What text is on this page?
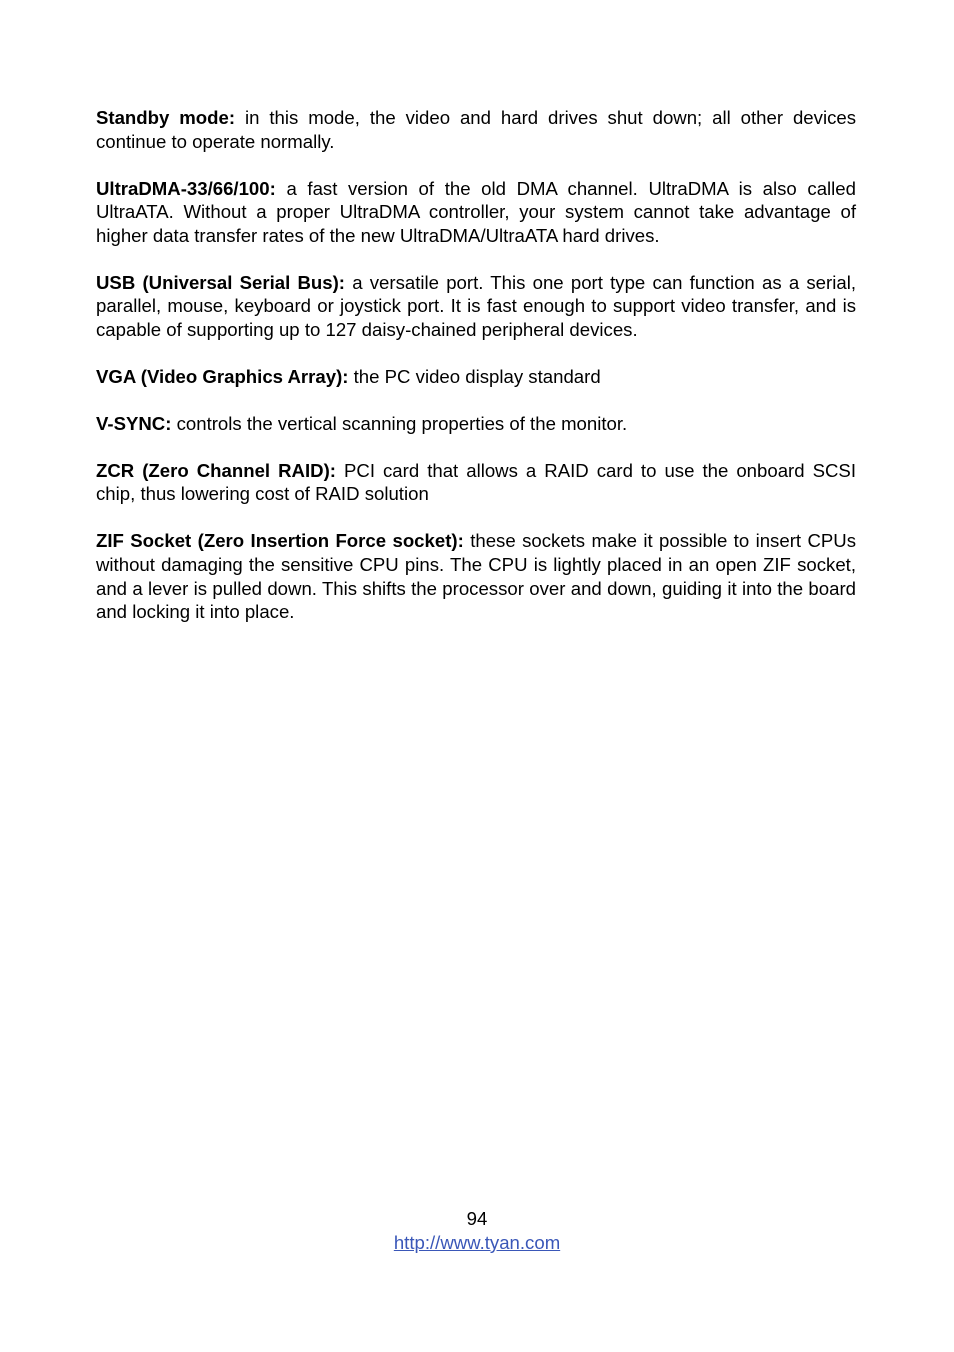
Standby mode: in this mode, the video and hard drives shut down; all other devices continue to operate normally.

UltraDMA-33/66/100: a fast version of the old DMA channel. UltraDMA is also called UltraATA. Without a proper UltraDMA controller, your system cannot take advantage of higher data transfer rates of the new UltraDMA/UltraATA hard drives.

USB (Universal Serial Bus): a versatile port. This one port type can function as a serial, parallel, mouse, keyboard or joystick port. It is fast enough to support video transfer, and is capable of supporting up to 127 daisy-chained peripheral devices.

VGA (Video Graphics Array): the PC video display standard

V-SYNC: controls the vertical scanning properties of the monitor.

ZCR (Zero Channel RAID): PCI card that allows a RAID card to use the onboard SCSI chip, thus lowering cost of RAID solution

ZIF Socket (Zero Insertion Force socket): these sockets make it possible to insert CPUs without damaging the sensitive CPU pins. The CPU is lightly placed in an open ZIF socket, and a lever is pulled down. This shifts the processor over and down, guiding it into the board and locking it into place.

94
http://www.tyan.com
